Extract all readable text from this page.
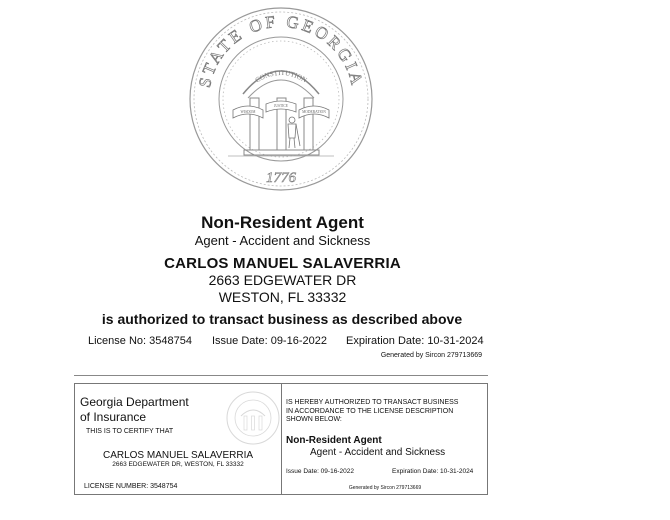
STATE OF GEORGIA
CONSTITUTION
WISDOM
JUSTICE
MODERATION
1776
Non-Resident Agent
Agent - Accident and Sickness
CARLOS MANUEL SALAVERRIA
2663 EDGEWATER DR
WESTON, FL 33332
is authorized to transact business as described above
License No: 3548754 Issue Date: 09-16-2022 Expiration Date: 10-31-2024
Generated by Sircon 279713669
Georgia Department
of Insurance
THIS IS TO CERTIFY THAT
CARLOS MANUEL SALAVERRIA
2663 EDGEWATER DR, WESTON, FL 33332
LICENSE NUMBER: 3548754
IS HEREBY AUTHORIZED TO TRANSACT BUSINESS
IN ACCORDANCE TO THE LICENSE DESCRIPTION
SHOWN BELOW:
Non-Resident Agent
Agent - Accident and Sickness
Issue Date: 09-16-2022	Expiration Date: 10-31-2024
Generated by Sircon 279713669
